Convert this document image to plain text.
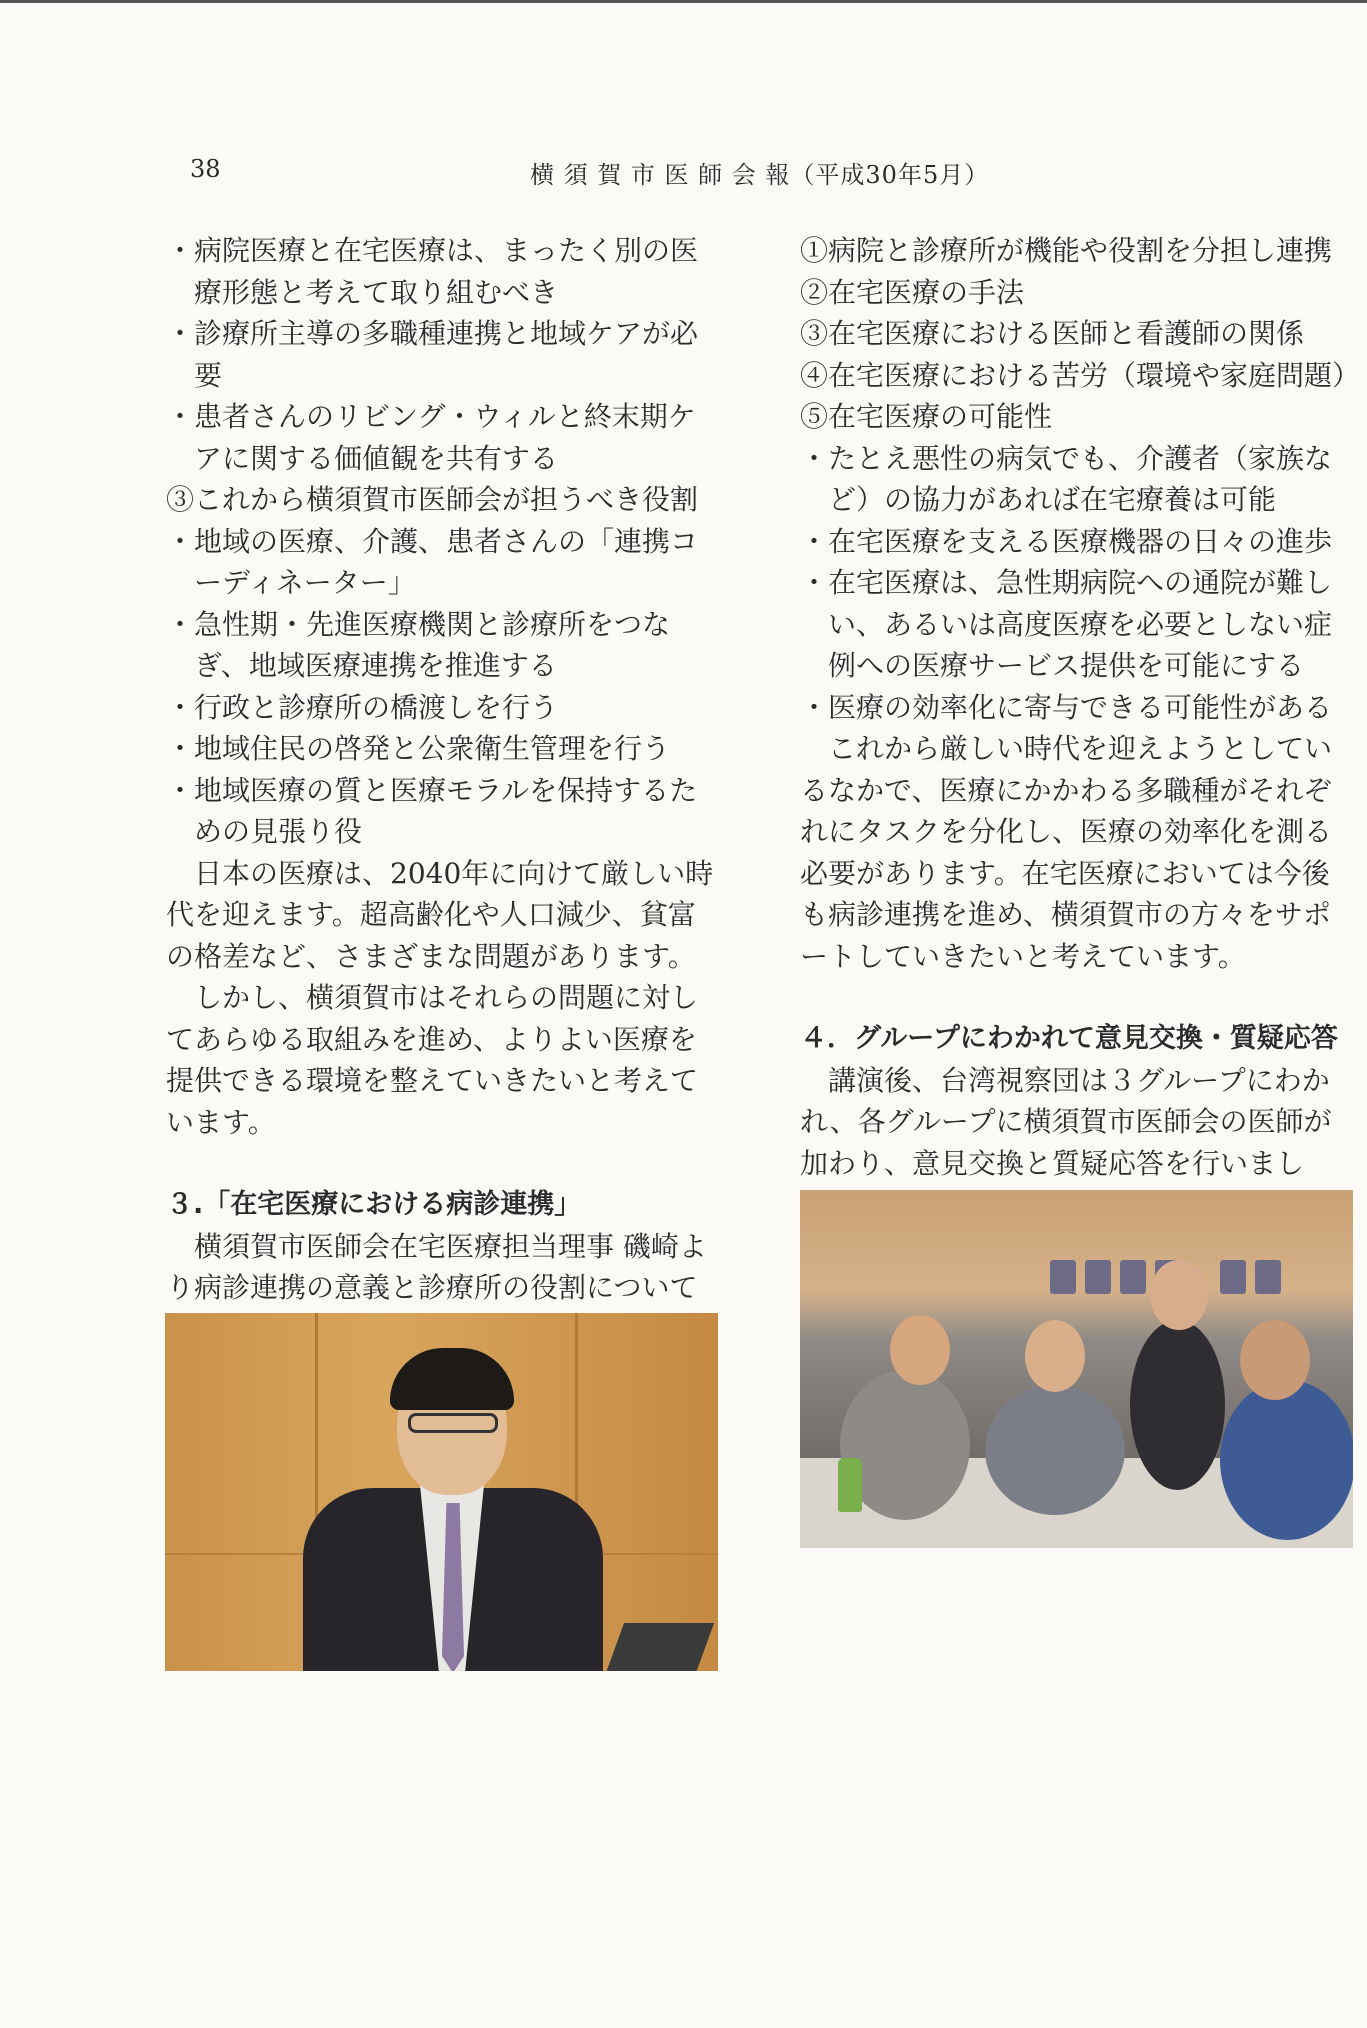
38	横 須 賀 市 医 師 会 報（平成30年5月）
・ 病院医療と在宅医療は、まったく別の医療形態と考えて取り組むべき
・ 診療所主導の多職種連携と地域ケアが必要
・ 患者さんのリビング・ウィルと終末期ケアに関する価値観を共有する
③これから横須賀市医師会が担うべき役割
・ 地域の医療、介護、患者さんの「連携コーディネーター」
・ 急性期・先進医療機関と診療所をつなぎ、地域医療連携を推進する
・ 行政と診療所の橋渡しを行う
・ 地域住民の啓発と公衆衛生管理を行う
・ 地域医療の質と医療モラルを保持するための見張り役
日本の医療は、2040年に向けて厳しい時代を迎えます。超高齢化や人口減少、貧富の格差など、さまざまな問題があります。
しかし、横須賀市はそれらの問題に対してあらゆる取組みを進め、よりよい医療を提供できる環境を整えていきたいと考えています。
３.「在宅医療における病診連携」
横須賀市医師会在宅医療担当理事 磯崎より病診連携の意義と診療所の役割について
①病院と診療所が機能や役割を分担し連携
②在宅医療の手法
③在宅医療における医師と看護師の関係
④在宅医療における苦労（環境や家庭問題）
⑤在宅医療の可能性
・ たとえ悪性の病気でも、介護者（家族など）の協力があれば在宅療養は可能
・ 在宅医療を支える医療機器の日々の進歩
・ 在宅医療は、急性期病院への通院が難しい、あるいは高度医療を必要としない症例への医療サービス提供を可能にする
・ 医療の効率化に寄与できる可能性がある
これから厳しい時代を迎えようとしているなかで、医療にかかわる多職種がそれぞれにタスクを分化し、医療の効率化を測る必要があります。在宅医療においては今後も病診連携を進め、横須賀市の方々をサポートしていきたいと考えています。
４．グループにわかれて意見交換・質疑応答
講演後、台湾視察団は３グループにわかれ、各グループに横須賀市医師会の医師が加わり、意見交換と質疑応答を行いまし
